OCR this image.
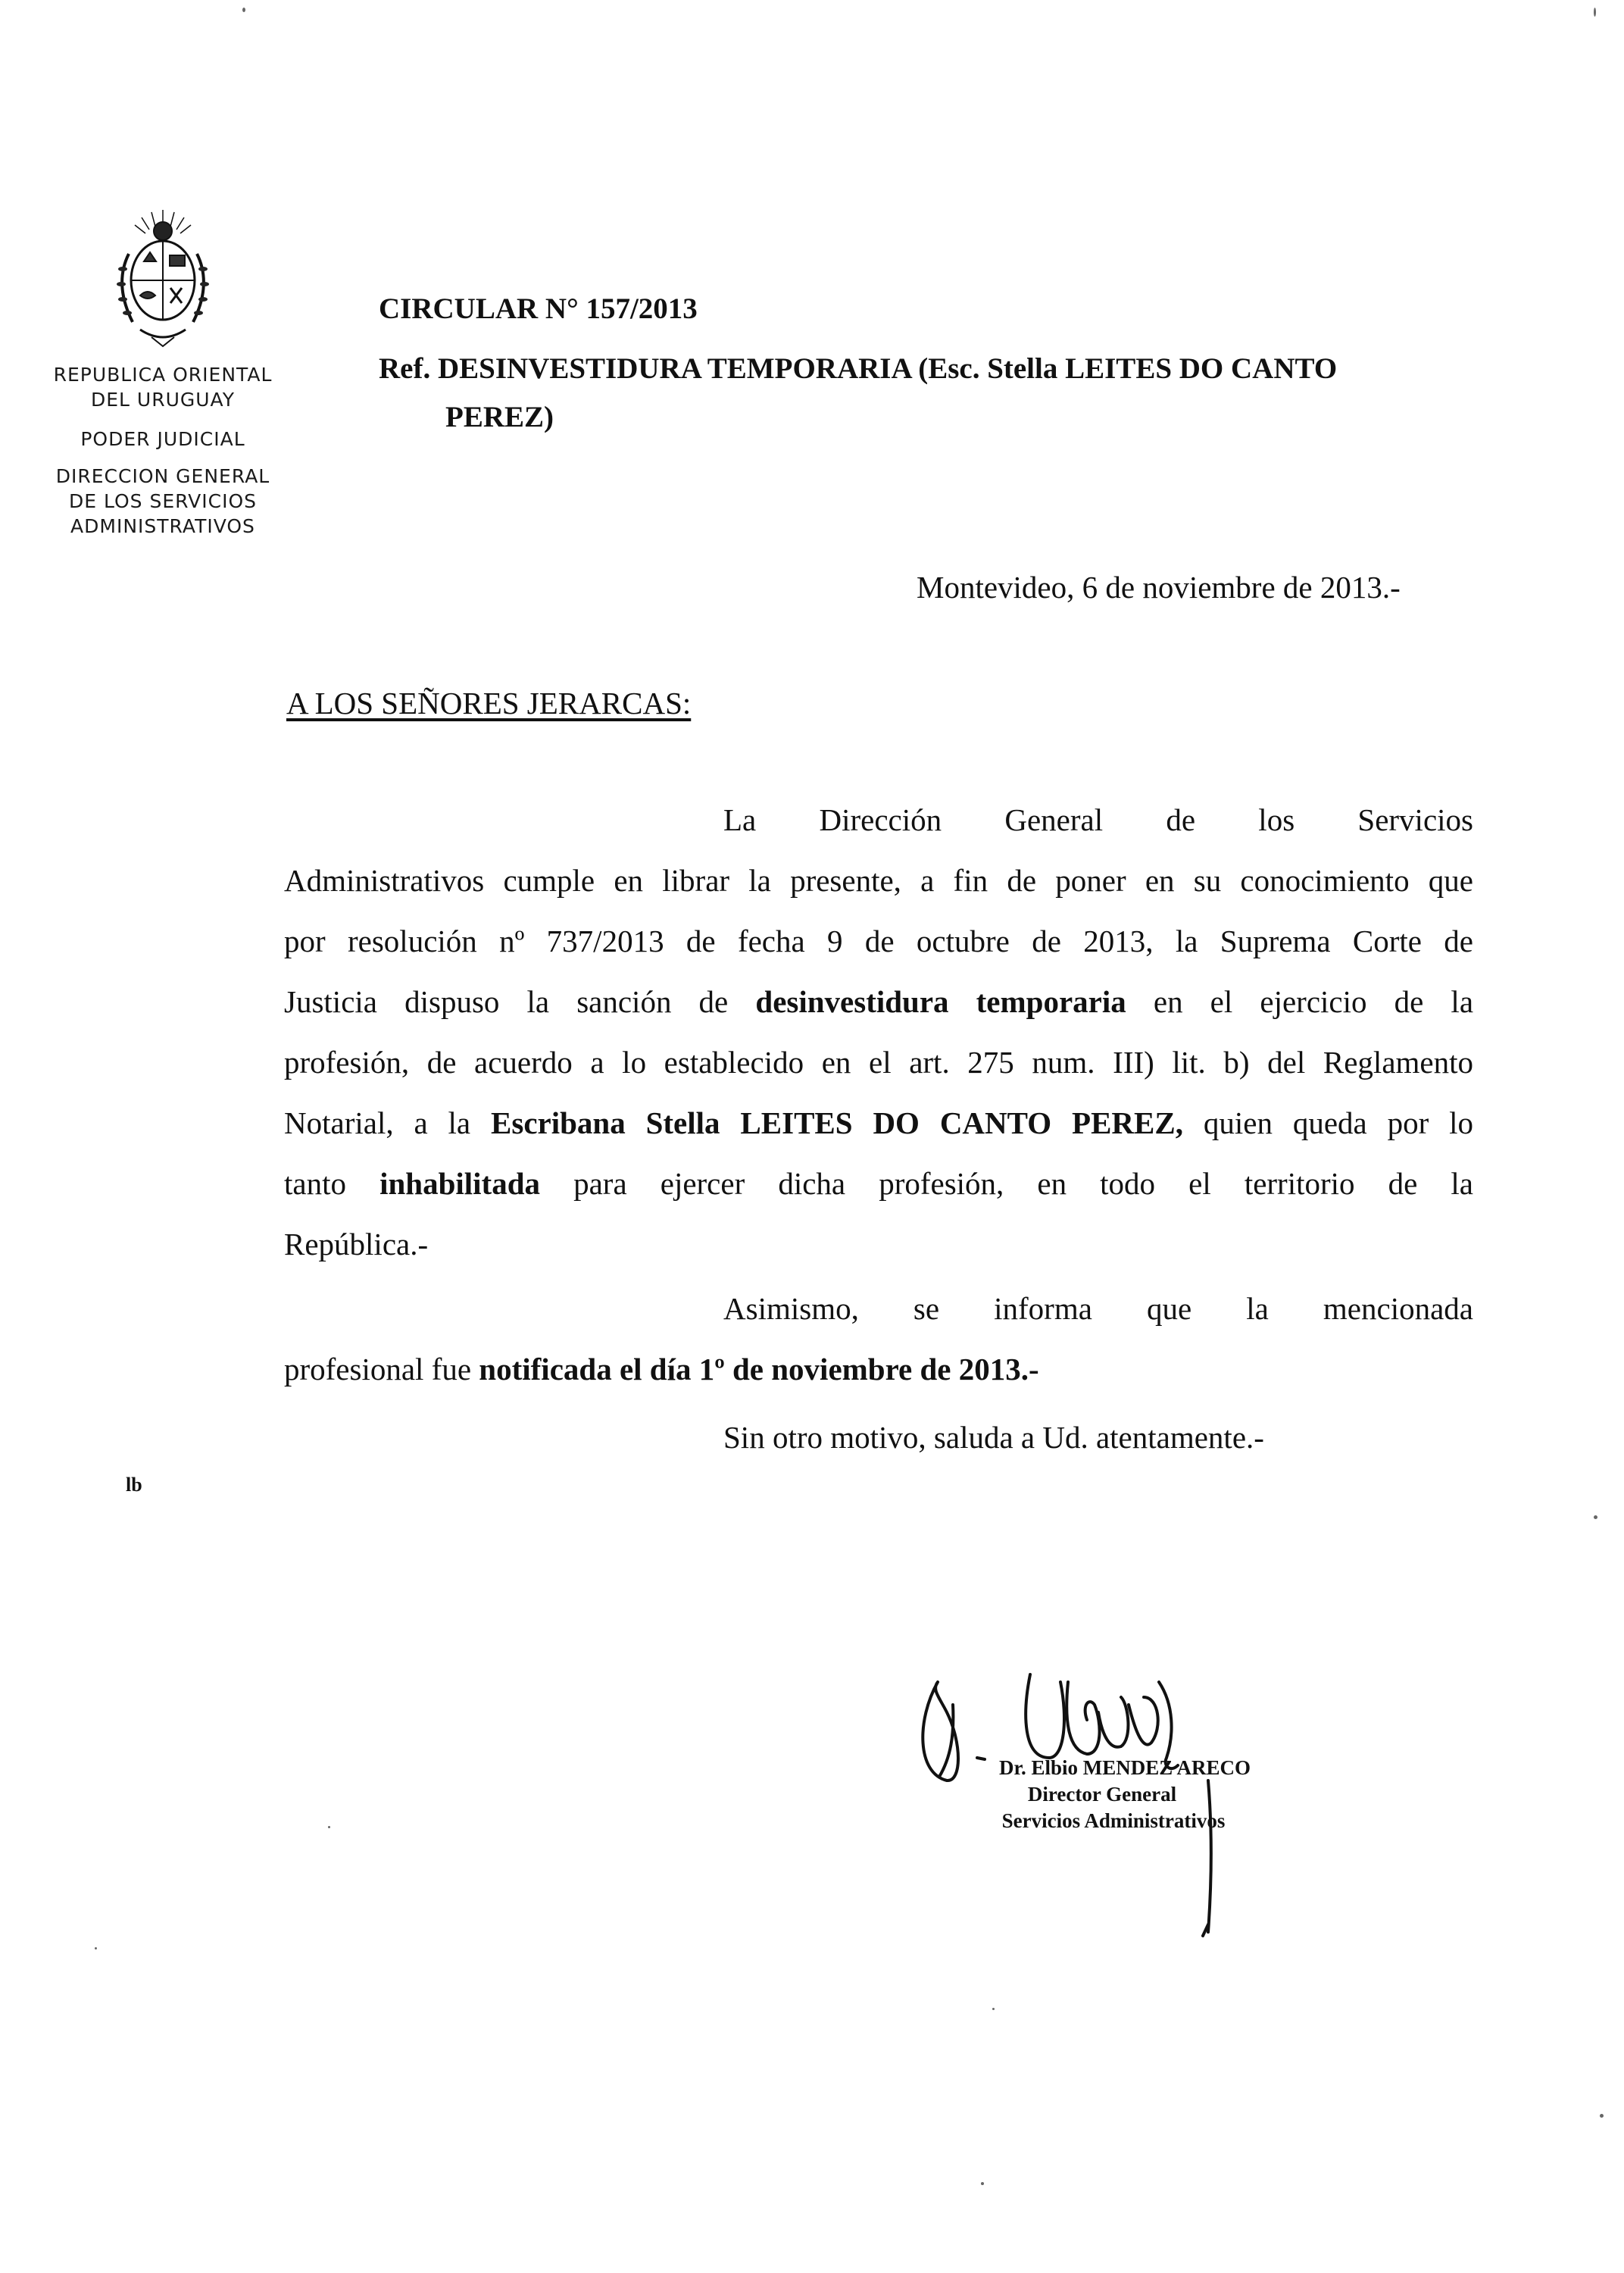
REPUBLICA ORIENTAL
DEL URUGUAY
PODER JUDICIAL
DIRECCION GENERAL
DE LOS SERVICIOS
ADMINISTRATIVOS
CIRCULAR N° 157/2013
Ref. DESINVESTIDURA TEMPORARIA (Esc. Stella LEITES DO CANTO
PEREZ)
Montevideo, 6 de noviembre de 2013.-
A LOS SEÑORES JERARCAS:
La Dirección General de los Servicios
Administrativos cumple en librar la presente, a fin de poner en su conocimiento que
por resolución nº 737/2013 de fecha 9 de octubre de 2013, la Suprema Corte de
Justicia dispuso la sanción de desinvestidura temporaria en el ejercicio de la
profesión, de acuerdo a lo establecido en el art. 275 num. III) lit. b) del Reglamento
Notarial, a la Escribana Stella LEITES DO CANTO PEREZ, quien queda por lo
tanto inhabilitada para ejercer dicha profesión, en todo el territorio de la
República.-
Asimismo, se informa que la mencionada
profesional fue notificada el día 1º de noviembre de 2013.-
Sin otro motivo, saluda a Ud. atentamente.-
lb
Dr. Elbio MENDEZ ARECO
Director General
Servicios Administrativos
